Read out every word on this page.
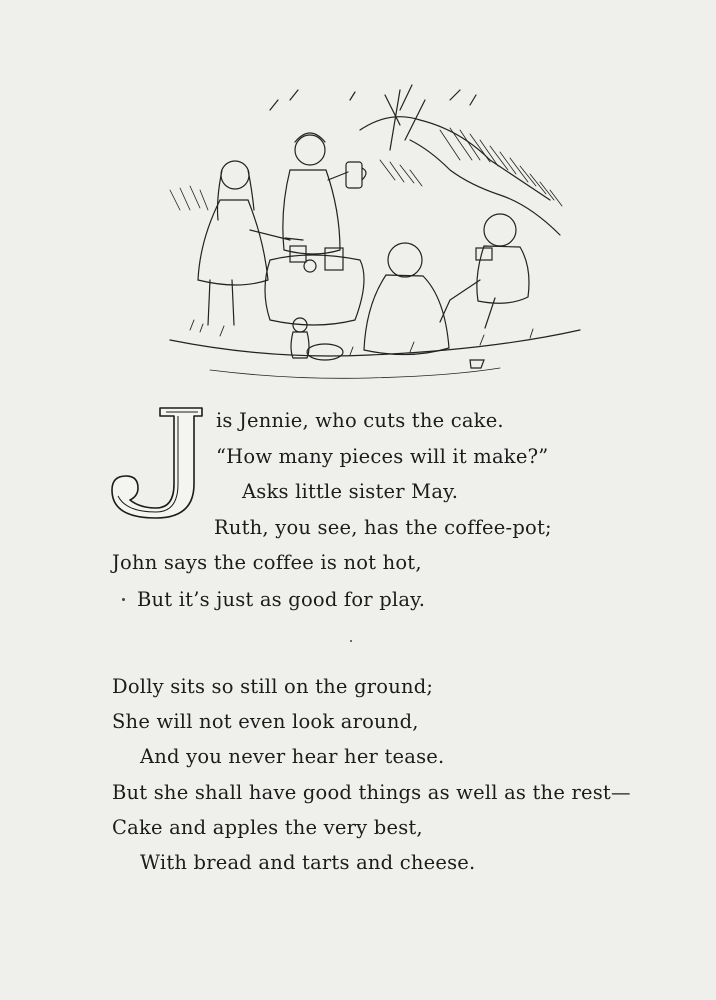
is Jennie, who cuts the cake.
“How many pieces will it make?”
Asks little sister May.
Ruth, you see, has the coffee-pot;
John says the coffee is not hot,
But it’s just as good for play.
Dolly sits so still on the ground;
She will not even look around,
And you never hear her tease.
But she shall have good things as well as the rest—
Cake and apples the very best,
With bread and tarts and cheese.
